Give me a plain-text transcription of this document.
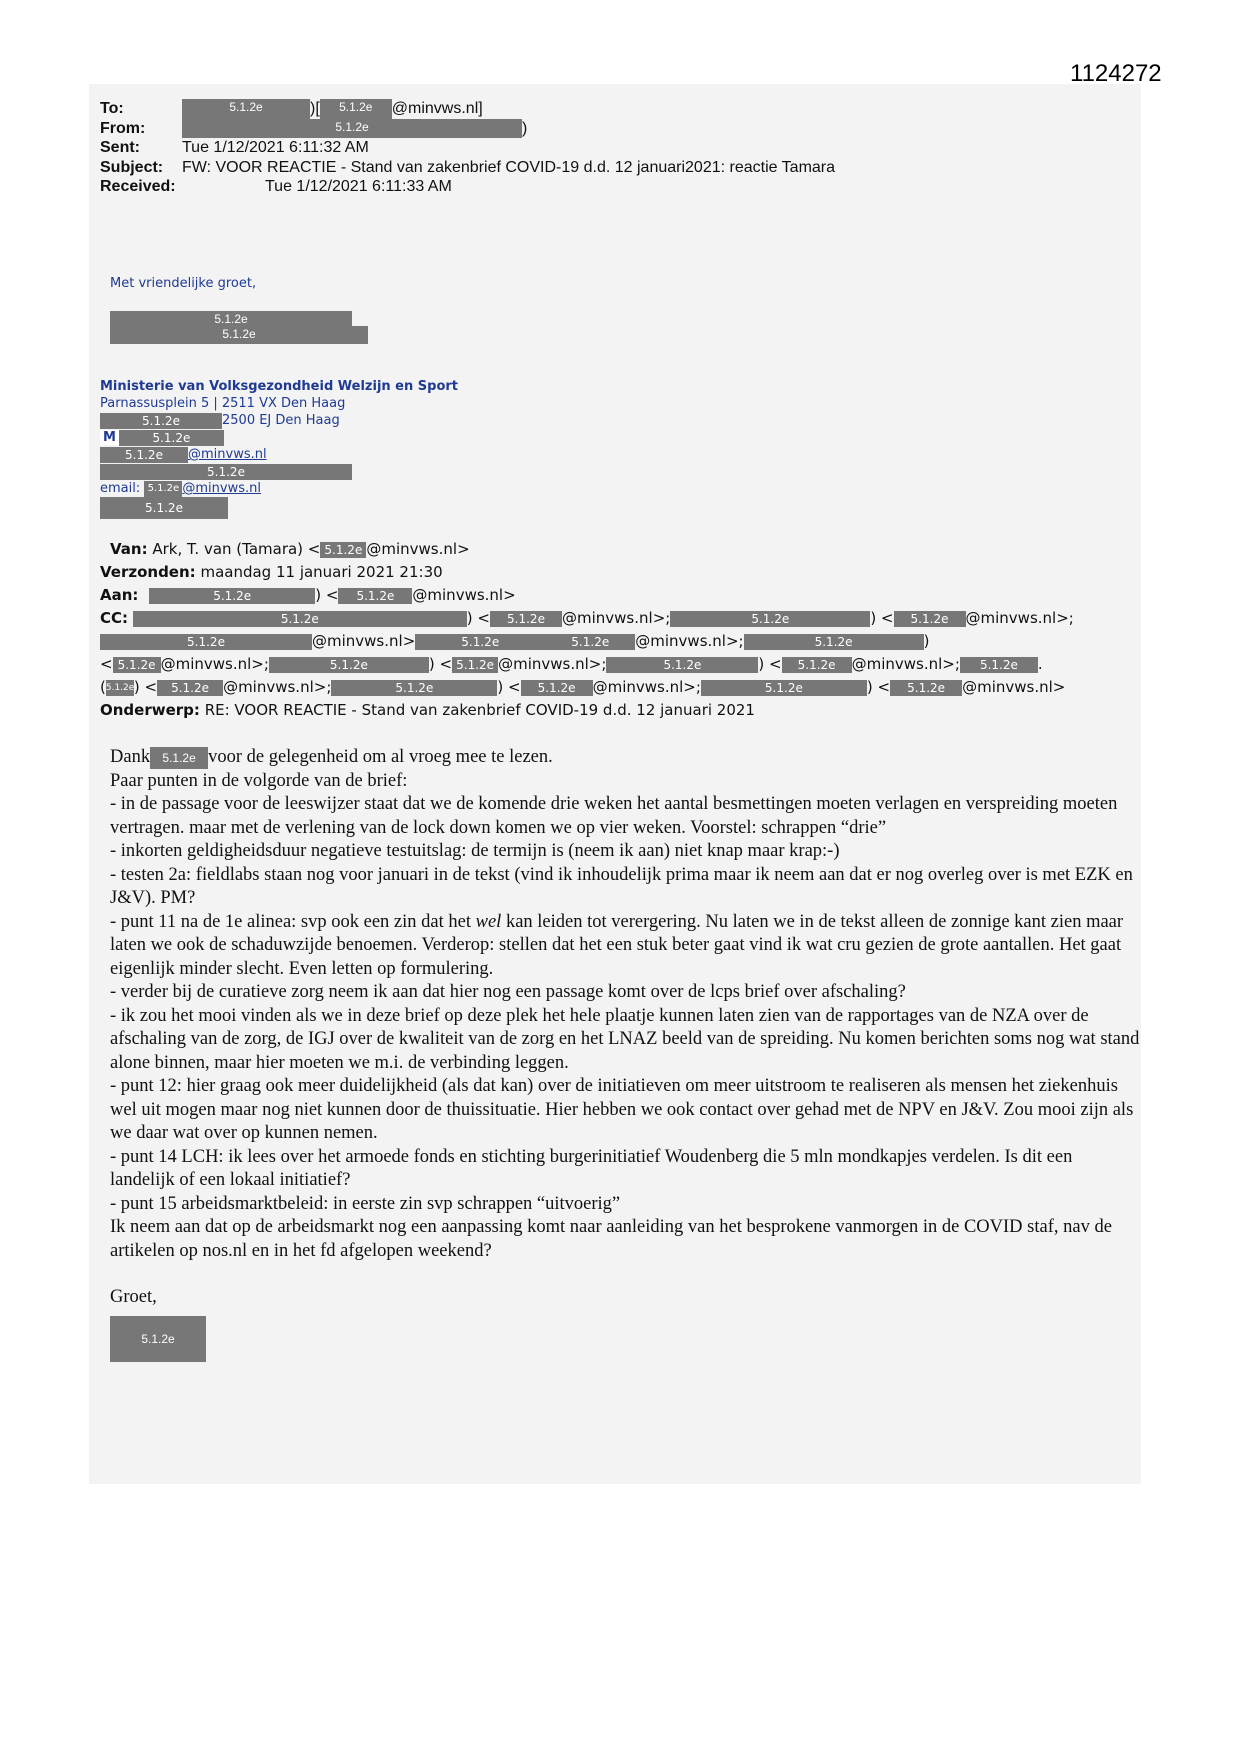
1124272
To:	5.1.2e	)[	5.1.2e	@minvws.nl]
From:	5.1.2e	)
Sent:	Tue 1/12/2021 6:11:32 AM
Subject:	FW: VOOR REACTIE - Stand van zakenbrief COVID-19 d.d. 12 januari2021: reactie Tamara
Received:	Tue 1/12/2021 6:11:33 AM
Met vriendelijke groet,
5.1.2e
5.1.2e
Ministerie van Volksgezondheid Welzijn en Sport
Parnassusplein 5 | 2511 VX Den Haag
5.1.2e	2500 EJ Den Haag
M	5.1.2e
5.1.2e @minvws.nl
5.1.2e
email: 5.1.2e @minvws.nl
5.1.2e
Van: Ark, T. van (Tamara) < 5.1.2e @minvws.nl>
Verzonden: maandag 11 januari 2021 21:30
Aan:	5.1.2e	) < 5.1.2e @minvws.nl>
CC:	5.1.2e	) < 5.1.2e @minvws.nl>;	5.1.2e	) < 5.1.2e @minvws.nl>;
5.1.2e	@minvws.nl>	5.1.2e	5.1.2e @minvws.nl>;	5.1.2e	)
< 5.1.2e @minvws.nl>;	5.1.2e	) < 5.1.2e @minvws.nl>;	5.1.2e	) < 5.1.2e @minvws.nl>; 5.1.2e .
(5.1.2e) < 5.1.2e @minvws.nl>;	5.1.2e	) < 5.1.2e @minvws.nl>;	5.1.2e	) < 5.1.2e @minvws.nl>
Onderwerp: RE: VOOR REACTIE - Stand van zakenbrief COVID-19 d.d. 12 januari 2021

Dank 5.1.2e voor de gelegenheid om al vroeg mee te lezen.

Paar punten in de volgorde van de brief:

- in de passage voor de leeswijzer staat dat we de komende drie weken het aantal besmettingen moeten verlagen en verspreiding moeten vertragen. maar met de verlening van de lock down komen we op vier weken. Voorstel: schrappen “drie”

- inkorten geldigheidsduur negatieve testuitslag: de termijn is (neem ik aan) niet knap maar krap:-)

- testen 2a: fieldlabs staan nog voor januari in de tekst (vind ik inhoudelijk prima maar ik neem aan dat er nog overleg over is met EZK en J&V). PM?

- punt 11 na de 1e alinea: svp ook een zin dat het wel kan leiden tot verergering. Nu laten we in de tekst alleen de zonnige kant zien maar laten we ook de schaduwzijde benoemen. Verderop: stellen dat het een stuk beter gaat vind ik wat cru gezien de grote aantallen. Het gaat eigenlijk minder slecht. Even letten op formulering.

- verder bij de curatieve zorg neem ik aan dat hier nog een passage komt over de lcps brief over afschaling?

- ik zou het mooi vinden als we in deze brief op deze plek het hele plaatje kunnen laten zien van de rapportages van de NZA over de afschaling van de zorg, de IGJ over de kwaliteit van de zorg en het LNAZ beeld van de spreiding. Nu komen berichten soms nog wat stand alone binnen, maar hier moeten we m.i. de verbinding leggen.

- punt 12: hier graag ook meer duidelijkheid (als dat kan) over de initiatieven om meer uitstroom te realiseren als mensen het ziekenhuis wel uit mogen maar nog niet kunnen door de thuissituatie. Hier hebben we ook contact over gehad met de NPV en J&V. Zou mooi zijn als we daar wat over op kunnen nemen.

- punt 14 LCH: ik lees over het armoede fonds en stichting burgerinitiatief Woudenberg die 5 mln mondkapjes verdelen. Is dit een landelijk of een lokaal initiatief?

- punt 15 arbeidsmarktbeleid: in eerste zin svp schrappen “uitvoerig”

Ik neem aan dat op de arbeidsmarkt nog een aanpassing komt naar aanleiding van het besprokene vanmorgen in de COVID staf, nav de artikelen op nos.nl en in het fd afgelopen weekend?

Groet,

5.1.2e
